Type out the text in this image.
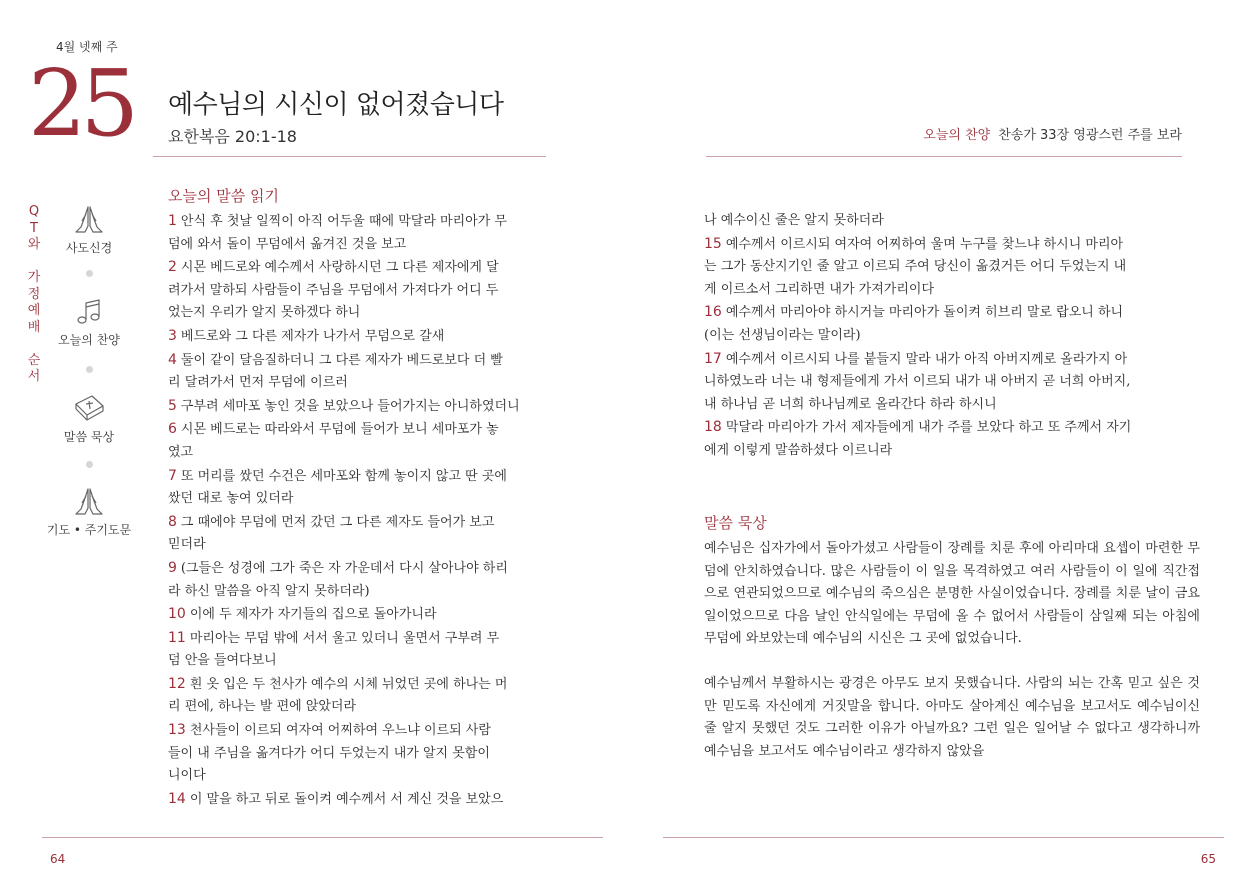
4월 넷째 주
25 예수님의 시신이 없어졌습니다
요한복음 20:1-18	오늘의 찬양 찬송가 33장 영광스런 주를 보라
Q
T
와
가
정
예
배
순
서
사도신경
오늘의 찬양
말씀 묵상
기도 • 주기도문
오늘의 말씀 읽기
1 안식 후 첫날 일찍이 아직 어두울 때에 막달라 마리아가 무
덤에 와서 돌이 무덤에서 옮겨진 것을 보고
2 시몬 베드로와 예수께서 사랑하시던 그 다른 제자에게 달
려가서 말하되 사람들이 주님을 무덤에서 가져다가 어디 두
었는지 우리가 알지 못하겠다 하니
3 베드로와 그 다른 제자가 나가서 무덤으로 갈새
4 둘이 같이 달음질하더니 그 다른 제자가 베드로보다 더 빨
리 달려가서 먼저 무덤에 이르러
5 구부려 세마포 놓인 것을 보았으나 들어가지는 아니하였더니
6 시몬 베드로는 따라와서 무덤에 들어가 보니 세마포가 놓
였고
7 또 머리를 쌌던 수건은 세마포와 함께 놓이지 않고 딴 곳에
쌌던 대로 놓여 있더라
8 그 때에야 무덤에 먼저 갔던 그 다른 제자도 들어가 보고
믿더라
9 (그들은 성경에 그가 죽은 자 가운데서 다시 살아나야 하리
라 하신 말씀을 아직 알지 못하더라)
10 이에 두 제자가 자기들의 집으로 돌아가니라
11 마리아는 무덤 밖에 서서 울고 있더니 울면서 구부려 무
덤 안을 들여다보니
12 흰 옷 입은 두 천사가 예수의 시체 뉘었던 곳에 하나는 머
리 편에, 하나는 발 편에 앉았더라
13 천사들이 이르되 여자여 어찌하여 우느냐 이르되 사람
들이 내 주님을 옮겨다가 어디 두었는지 내가 알지 못함이
니이다
14 이 말을 하고 뒤로 돌이켜 예수께서 서 계신 것을 보았으
나 예수이신 줄은 알지 못하더라
15 예수께서 이르시되 여자여 어찌하여 울며 누구를 찾느냐 하시니 마리아
는 그가 동산지기인 줄 알고 이르되 주여 당신이 옮겼거든 어디 두었는지 내
게 이르소서 그리하면 내가 가져가리이다
16 예수께서 마리아야 하시거늘 마리아가 돌이켜 히브리 말로 랍오니 하니
(이는 선생님이라는 말이라)
17 예수께서 이르시되 나를 붙들지 말라 내가 아직 아버지께로 올라가지 아
니하였노라 너는 내 형제들에게 가서 이르되 내가 내 아버지 곧 너희 아버지,
내 하나님 곧 너희 하나님께로 올라간다 하라 하시니
18 막달라 마리아가 가서 제자들에게 내가 주를 보았다 하고 또 주께서 자기
에게 이렇게 말씀하셨다 이르니라
말씀 묵상

예수님은 십자가에서 돌아가셨고 사람들이 장례를 치룬 후에 아리마대 요셉이 마련한 무덤에 안치하였습니다. 많은 사람들이 이 일을 목격하였고 여러 사람들이 이 일에 직간접으로 연관되었으므로 예수님의 죽으심은 분명한 사실이었습니다. 장례를 치룬 날이 금요일이었으므로 다음 날인 안식일에는 무덤에 올 수 없어서 사람들이 삼일째 되는 아침에 무덤에 와보았는데 예수님의 시신은 그 곳에 없었습니다.

예수님께서 부활하시는 광경은 아무도 보지 못했습니다. 사람의 뇌는 간혹 믿고 싶은 것만 믿도록 자신에게 거짓말을 합니다. 아마도 살아계신 예수님을 보고서도 예수님이신 줄 알지 못했던 것도 그러한 이유가 아닐까요? 그런 일은 일어날 수 없다고 생각하니까 예수님을 보고서도 예수님이라고 생각하지 않았을

64	65
